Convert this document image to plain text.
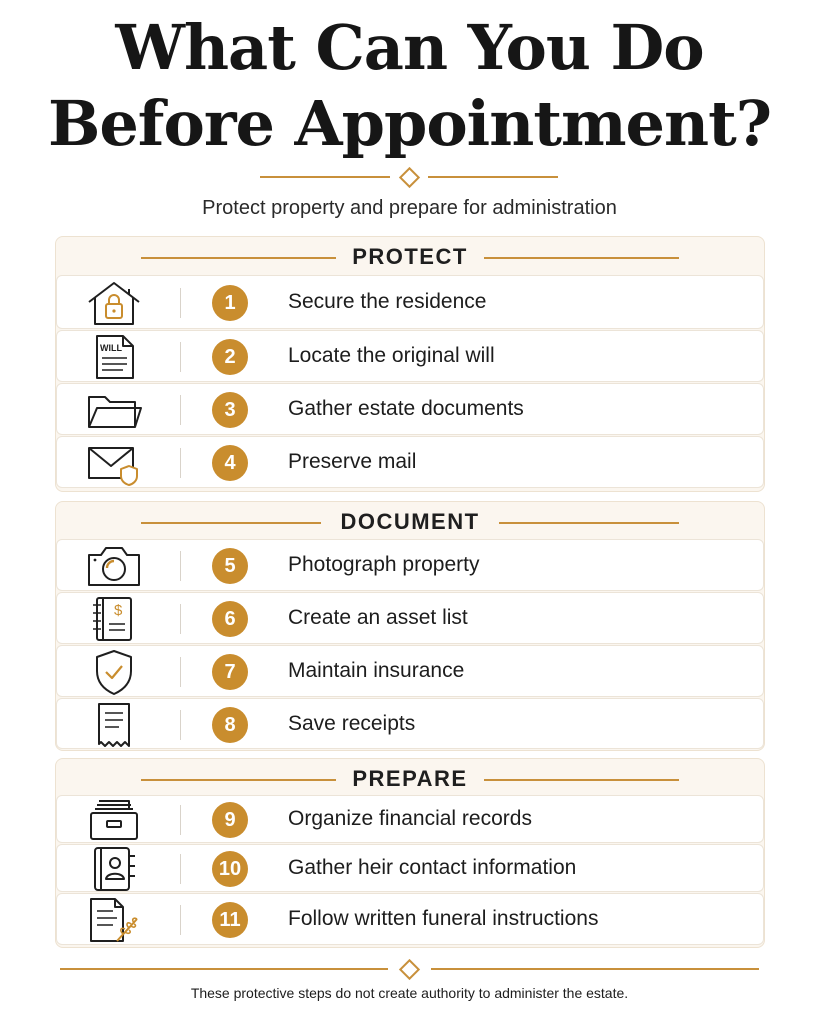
What Can You Do
Before Appointment?
Protect property and prepare for administration
PROTECT
1	Secure the residence
WILL	2	Locate the original will
3	Gather estate documents
4	Preserve mail
DOCUMENT
5	Photograph property
$	6	Create an asset list
7	Maintain insurance
8	Save receipts
PREPARE
9	Organize financial records
10	Gather heir contact information
11	Follow written funeral instructions
These protective steps do not create authority to administer the estate.
